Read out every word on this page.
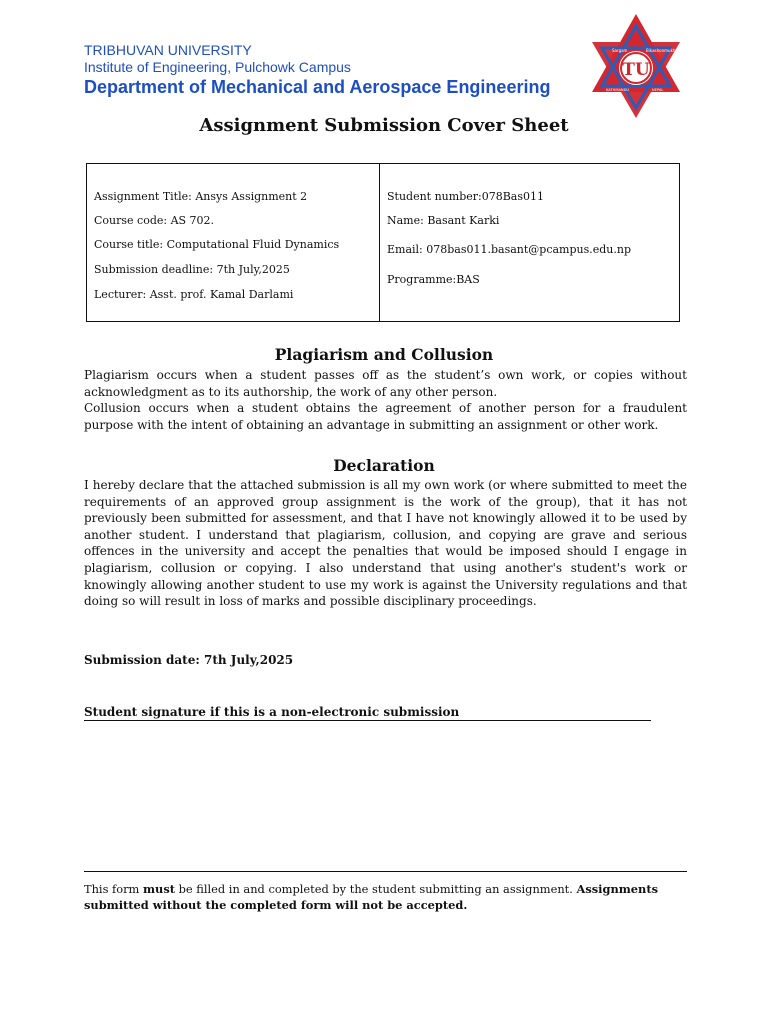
TRIBHUVAN UNIVERSITY
Institute of Engineering, Pulchowk Campus
Department of Mechanical and Aerospace Engineering
TU
Sargam	Bikashonmukh
KATHMANDU	NEPAL
Assignment Submission Cover Sheet
Assignment Title: Ansys Assignment 2
Course code: AS 702.
Course title: Computational Fluid Dynamics
Submission deadline: 7th July,2025
Lecturer: Asst. prof. Kamal Darlami
Student number:078Bas011
Name: Basant Karki
Email: 078bas011.basant@pcampus.edu.np
Programme:BAS
Plagiarism and Collusion

Plagiarism occurs when a student passes off as the student’s own work, or copies without acknowledgment as to its authorship, the work of any other person.

Collusion occurs when a student obtains the agreement of another person for a fraudulent purpose with the intent of obtaining an advantage in submitting an assignment or other work.

Declaration

I hereby declare that the attached submission is all my own work (or where submitted to meet the requirements of an approved group assignment is the work of the group), that it has not previously been submitted for assessment, and that I have not knowingly allowed it to be used by another student. I understand that plagiarism, collusion, and copying are grave and serious offences in the university and accept the penalties that would be imposed should I engage in plagiarism, collusion or copying. I also understand that using another's student's work or knowingly allowing another student to use my work is against the University regulations and that doing so will result in loss of marks and possible disciplinary proceedings.

Submission date: 7th July,2025
Student signature if this is a non-electronic submission
This form must be filled in and completed by the student submitting an assignment. Assignments submitted without the completed form will not be accepted.
